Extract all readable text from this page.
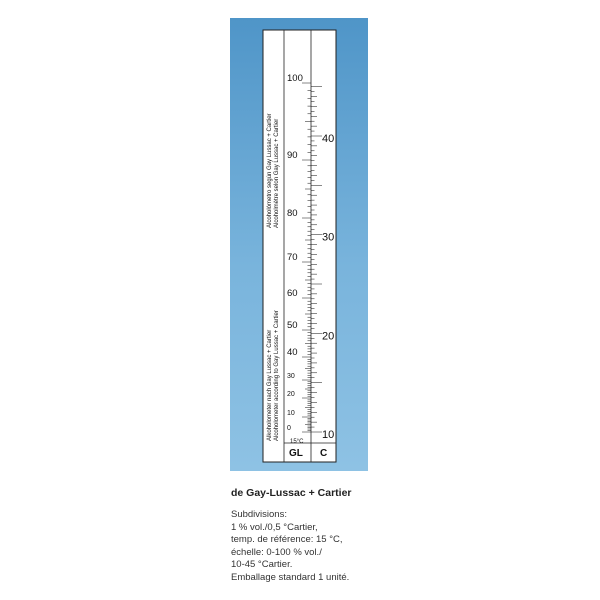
Alcoholómetro según Gay Lussac + Cartier Alcoholmètre selon Gay Lussac + Cartier
Alkoholometer nach Gay Lussac + Cartier Alcoholometer according to Gay Lussac + Cartier
100
90
80
70
60
50
40
30
20
10
0
40
30
20
10
15°C
GL C
de Gay-Lussac + Cartier
Subdivisions:
1 % vol./0,5 °Cartier,
temp. de référence: 15 °C,
échelle: 0-100 % vol./
10-45 °Cartier.
Emballage standard 1 unité.
